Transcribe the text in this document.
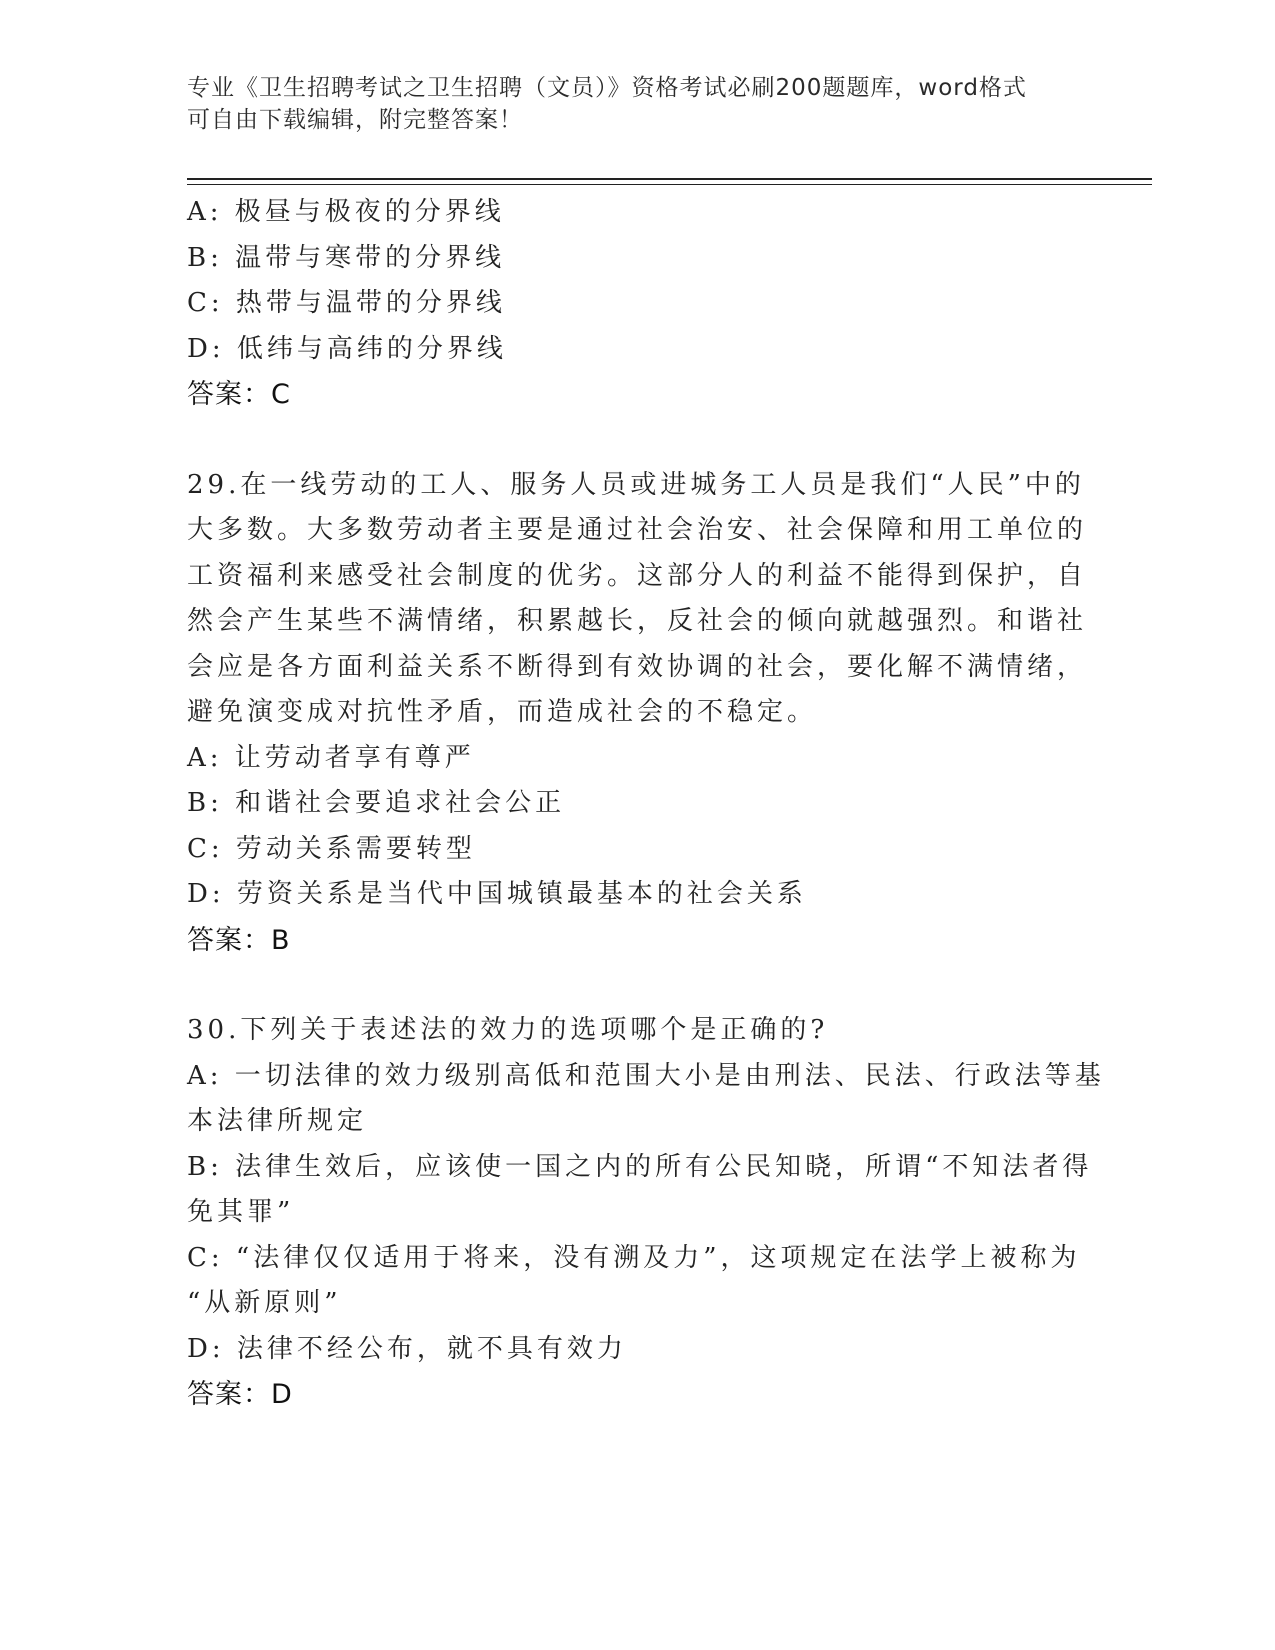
专业《卫生招聘考试之卫生招聘（文员）》资格考试必刷200题题库，word格式
可自由下载编辑，附完整答案！
A: 极昼与极夜的分界线
B: 温带与寒带的分界线
C: 热带与温带的分界线
D: 低纬与高纬的分界线
答案：C
29.在一线劳动的工人、服务人员或进城务工人员是我们“人民”中的
大多数。大多数劳动者主要是通过社会治安、社会保障和用工单位的
工资福利来感受社会制度的优劣。这部分人的利益不能得到保护，自
然会产生某些不满情绪，积累越长，反社会的倾向就越强烈。和谐社
会应是各方面利益关系不断得到有效协调的社会，要化解不满情绪，
避免演变成对抗性矛盾，而造成社会的不稳定。
A: 让劳动者享有尊严
B: 和谐社会要追求社会公正
C: 劳动关系需要转型
D: 劳资关系是当代中国城镇最基本的社会关系
答案：B
30.下列关于表述法的效力的选项哪个是正确的?
A: 一切法律的效力级别高低和范围大小是由刑法、民法、行政法等基
本法律所规定
B: 法律生效后，应该使一国之内的所有公民知晓，所谓“不知法者得
免其罪”
C: “法律仅仅适用于将来，没有溯及力”，这项规定在法学上被称为
“从新原则”
D: 法律不经公布，就不具有效力
答案：D
